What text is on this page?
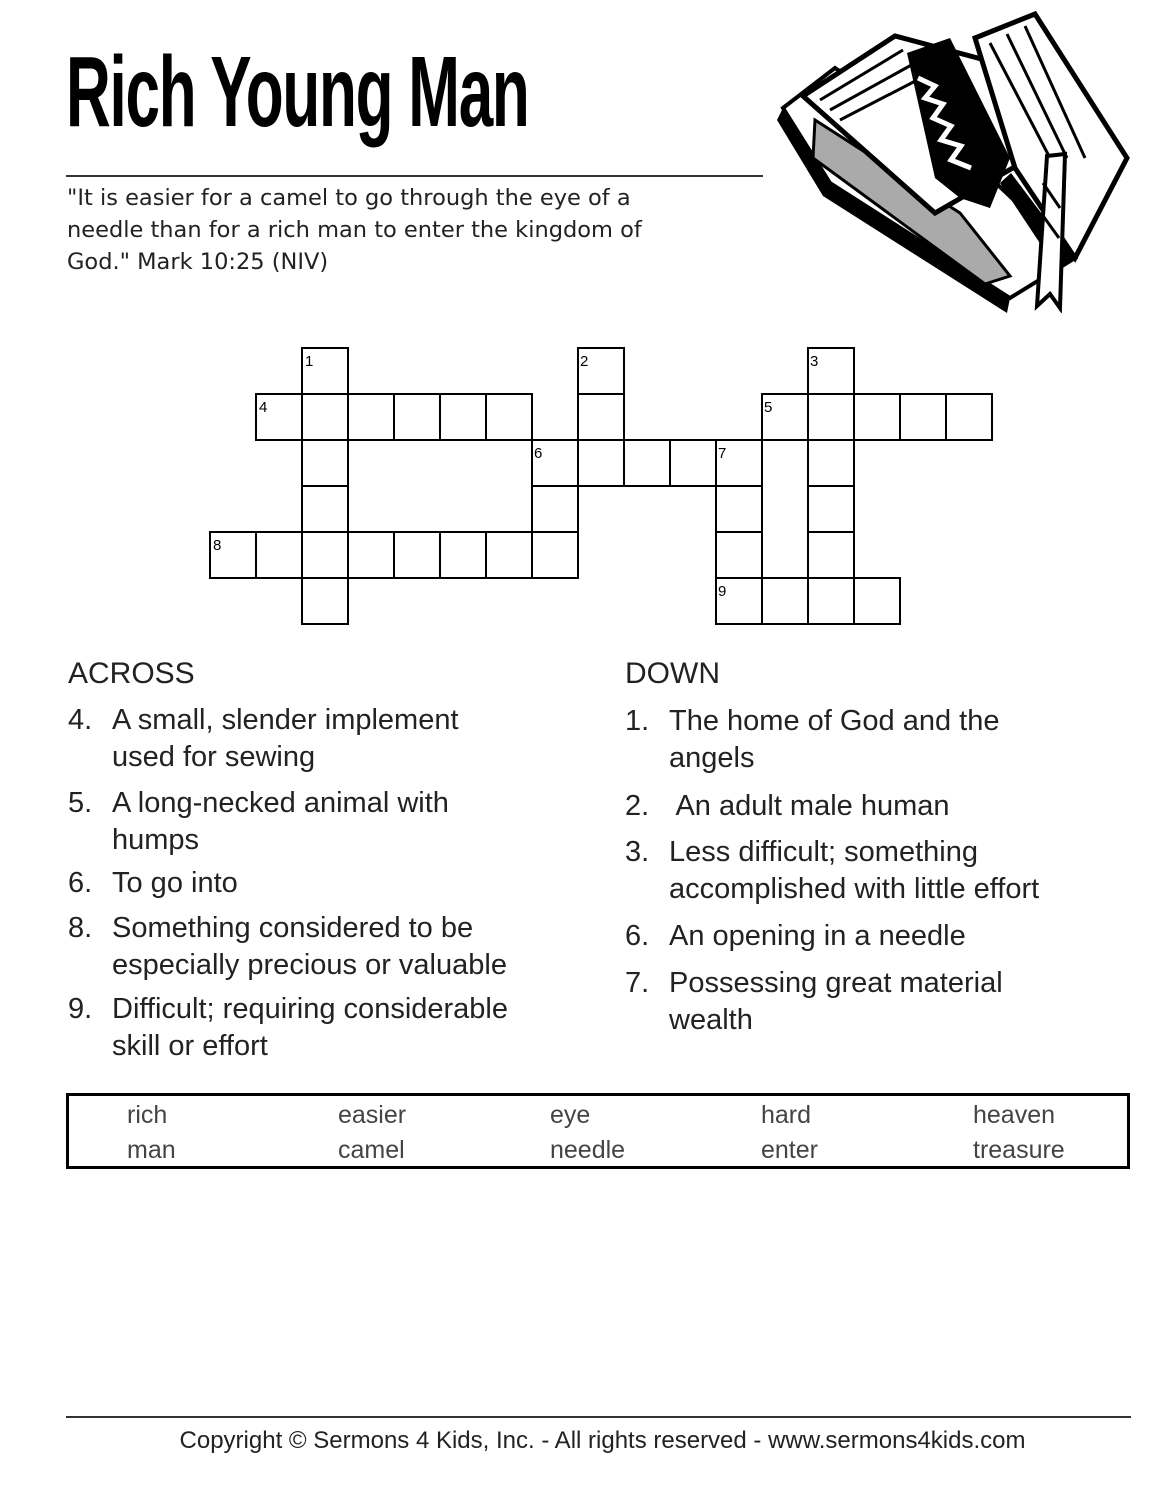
Rich Young Man
"It is easier for a camel to go through the eye of a
needle than for a rich man to enter the kingdom of
God." Mark 10:25 (NIV)
1	2	3
4	5
6	7
8
9
ACROSS
4. A small, slender implement
used for sewing
5. A long-necked animal with
humps
6. To go into
8. Something considered to be
especially precious or valuable
9. Difficult; requiring considerable
skill or effort
DOWN
1. The home of God and the
angels
2. An adult male human
3. Less difficult; something
accomplished with little effort
6. An opening in a needle
7. Possessing great material
wealth
rich	easier	eye	hard	heaven
man	camel	needle	enter	treasure
Copyright © Sermons 4 Kids, Inc. - All rights reserved - www.sermons4kids.com
